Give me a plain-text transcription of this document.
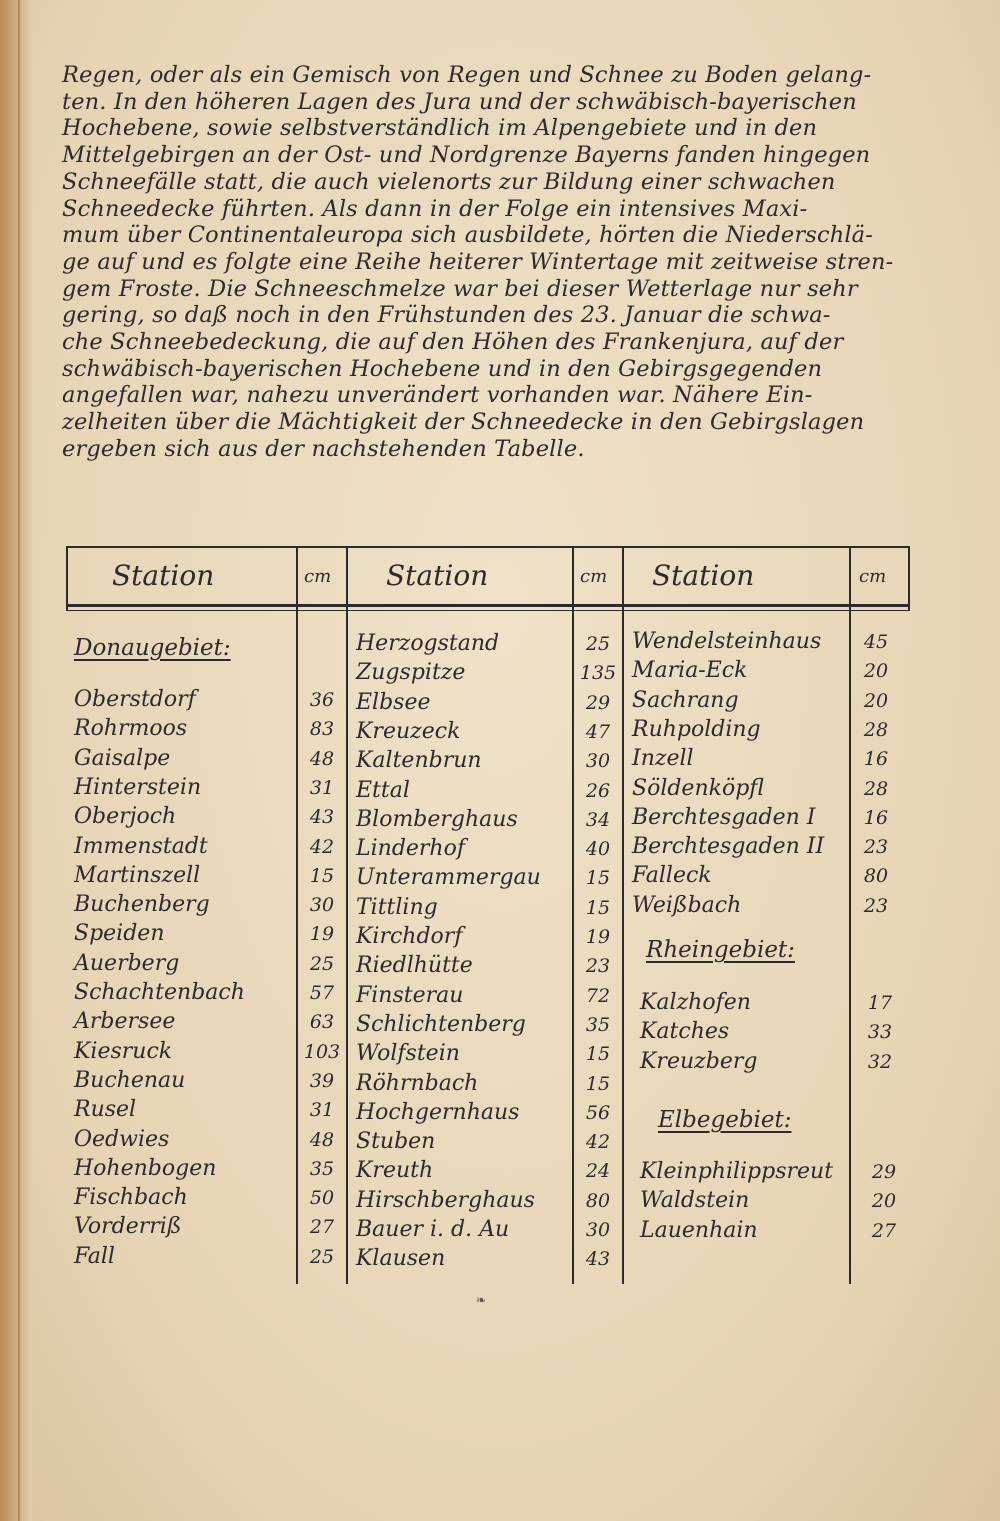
Regen, oder als ein Gemisch von Regen und Schnee zu Boden gelang-
ten. In den höheren Lagen des Jura und der schwäbisch-bayerischen
Hochebene, sowie selbstverständlich im Alpengebiete und in den
Mittelgebirgen an der Ost- und Nordgrenze Bayerns fanden hingegen
Schneefälle statt, die auch vielenorts zur Bildung einer schwachen
Schneedecke führten. Als dann in der Folge ein intensives Maxi-
mum über Continentaleuropa sich ausbildete, hörten die Niederschlä-
ge auf und es folgte eine Reihe heiterer Wintertage mit zeitweise stren-
gem Froste. Die Schneeschmelze war bei dieser Wetterlage nur sehr
gering, so daß noch in den Frühstunden des 23. Januar die schwa-
che Schneebedeckung, die auf den Höhen des Frankenjura, auf der
schwäbisch-bayerischen Hochebene und in den Gebirgsgegenden
angefallen war, nahezu unverändert vorhanden war. Nähere Ein-
zelheiten über die Mächtigkeit der Schneedecke in den Gebirgslagen
ergeben sich aus der nachstehenden Tabelle.
Station	cm Station	cm Station	cm
Donaugebiet:
Oberstdorf	36
Rohrmoos	83
Gaisalpe	48
Hinterstein	31
Oberjoch	43
Immenstadt	42
Martinszell	15
Buchenberg	30
Speiden	19
Auerberg	25
Schachtenbach	57
Arbersee	63
Kiesruck	103
Buchenau	39
Rusel	31
Oedwies	48
Hohenbogen	35
Fischbach	50
Vorderriß	27
Fall	25
Herzogstand	25
Zugspitze	135
Elbsee	29
Kreuzeck	47
Kaltenbrun	30
Ettal	26
Blomberghaus	34
Linderhof	40
Unterammergau	15
Tittling	15
Kirchdorf	19
Riedlhütte	23
Finsterau	72
Schlichtenberg	35
Wolfstein	15
Röhrnbach	15
Hochgernhaus	56
Stuben	42
Kreuth	24
Hirschberghaus	80
Bauer i. d. Au	30
Klausen	43
Wendelsteinhaus	45
Maria-Eck	20
Sachrang	20
Ruhpolding	28
Inzell	16
Söldenköpfl	28
Berchtesgaden I	16
Berchtesgaden II	23
Falleck	80
Weißbach	23
Rheingebiet:
Kalzhofen	17
Katches	33
Kreuzberg	32
Elbegebiet:
Kleinphilippsreut	29
Waldstein	20
Lauenhain	27
❧
